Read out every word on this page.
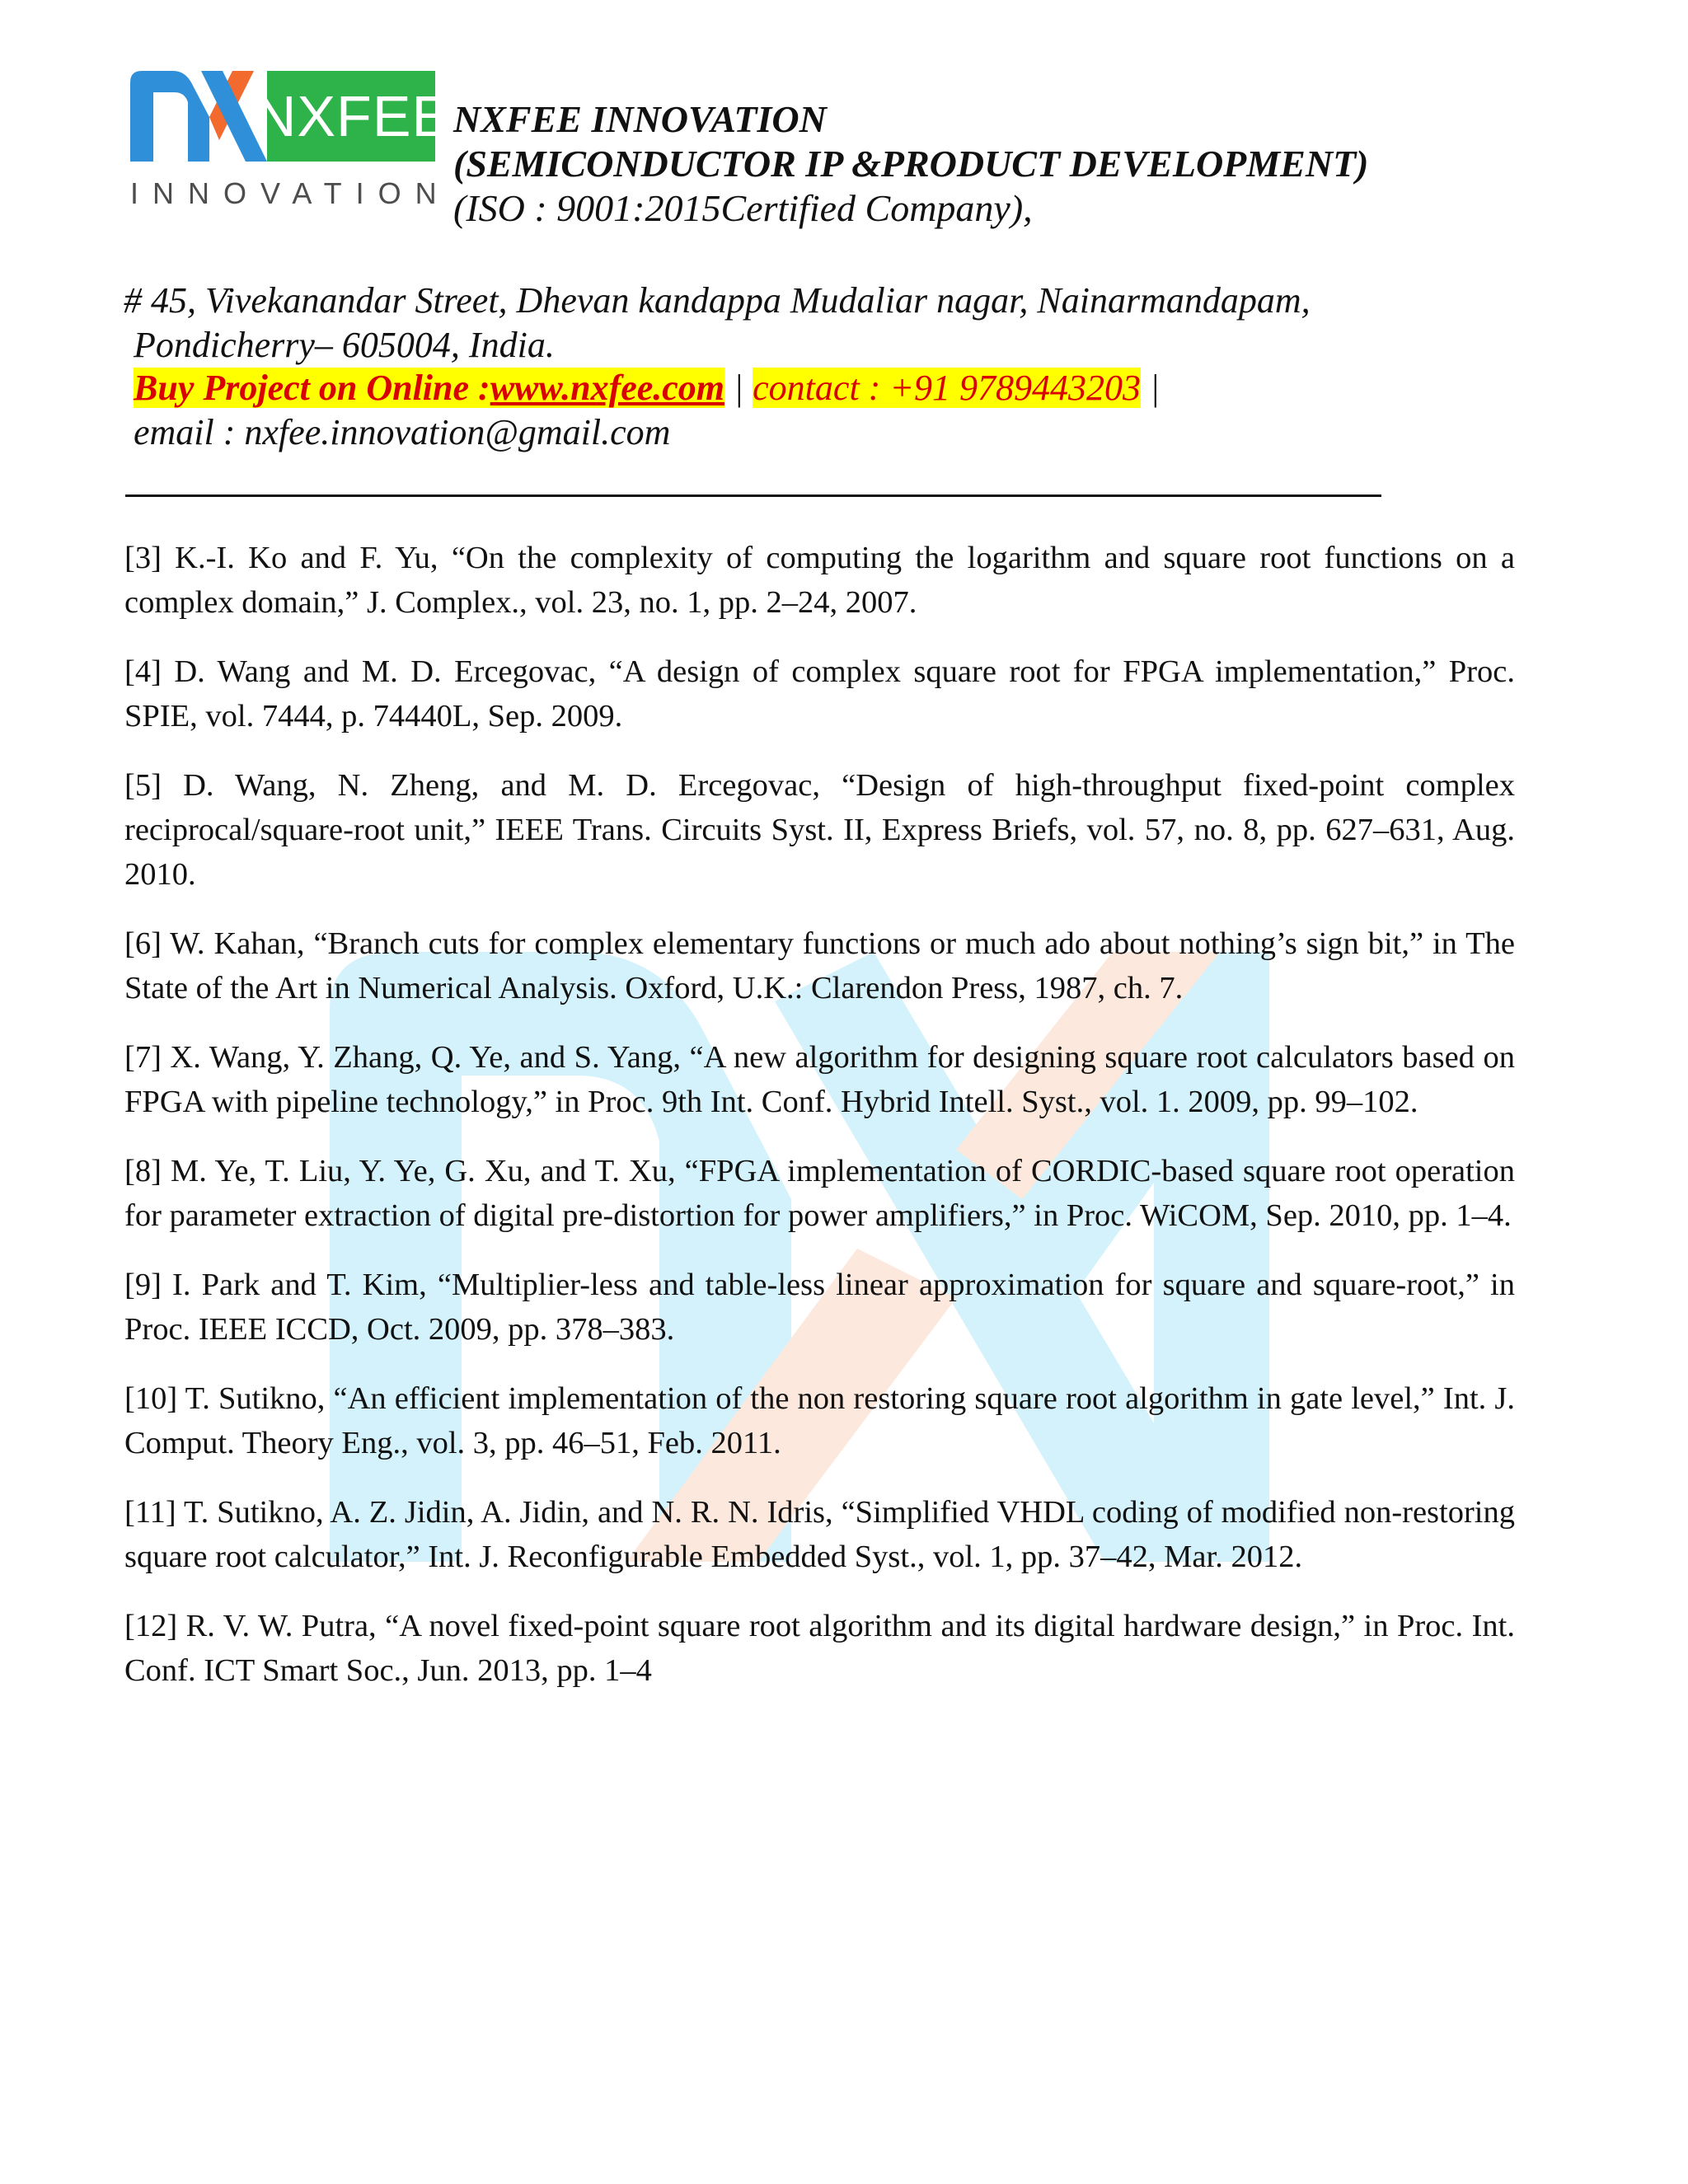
NXFEE
INNOVATION
NXFEE INNOVATION
(SEMICONDUCTOR IP &PRODUCT DEVELOPMENT)
(ISO : 9001:2015Certified Company),
# 45, Vivekanandar Street, Dhevan kandappa Mudaliar nagar, Nainarmandapam,
Pondicherry– 605004, India.
Buy Project on Online :www.nxfee.com | contact : +91 9789443203 |
email : nxfee.innovation@gmail.com

[3] K.-I. Ko and F. Yu, “On the complexity of computing the logarithm and square root functions on a complex domain,” J. Complex., vol. 23, no. 1, pp. 2–24, 2007.

[4] D. Wang and M. D. Ercegovac, “A design of complex square root for FPGA implementation,” Proc. SPIE, vol. 7444, p. 74440L, Sep. 2009.

[5] D. Wang, N. Zheng, and M. D. Ercegovac, “Design of high-throughput fixed-point complex reciprocal/square-root unit,” IEEE Trans. Circuits Syst. II, Express Briefs, vol. 57, no. 8, pp. 627–631, Aug. 2010.

[6] W. Kahan, “Branch cuts for complex elementary functions or much ado about nothing’s sign bit,” in The State of the Art in Numerical Analysis. Oxford, U.K.: Clarendon Press, 1987, ch. 7.

[7] X. Wang, Y. Zhang, Q. Ye, and S. Yang, “A new algorithm for designing square root calculators based on FPGA with pipeline technology,” in Proc. 9th Int. Conf. Hybrid Intell. Syst., vol. 1. 2009, pp. 99–102.

[8] M. Ye, T. Liu, Y. Ye, G. Xu, and T. Xu, “FPGA implementation of CORDIC-based square root operation for parameter extraction of digital pre-distortion for power amplifiers,” in Proc. WiCOM, Sep. 2010, pp. 1–4.

[9] I. Park and T. Kim, “Multiplier-less and table-less linear approximation for square and square-root,” in Proc. IEEE ICCD, Oct. 2009, pp. 378–383.

[10] T. Sutikno, “An efficient implementation of the non restoring square root algorithm in gate level,” Int. J. Comput. Theory Eng., vol. 3, pp. 46–51, Feb. 2011.

[11] T. Sutikno, A. Z. Jidin, A. Jidin, and N. R. N. Idris, “Simplified VHDL coding of modified non-restoring square root calculator,” Int. J. Reconfigurable Embedded Syst., vol. 1, pp. 37–42, Mar. 2012.

[12] R. V. W. Putra, “A novel fixed-point square root algorithm and its digital hardware design,” in Proc. Int. Conf. ICT Smart Soc., Jun. 2013, pp. 1–4
